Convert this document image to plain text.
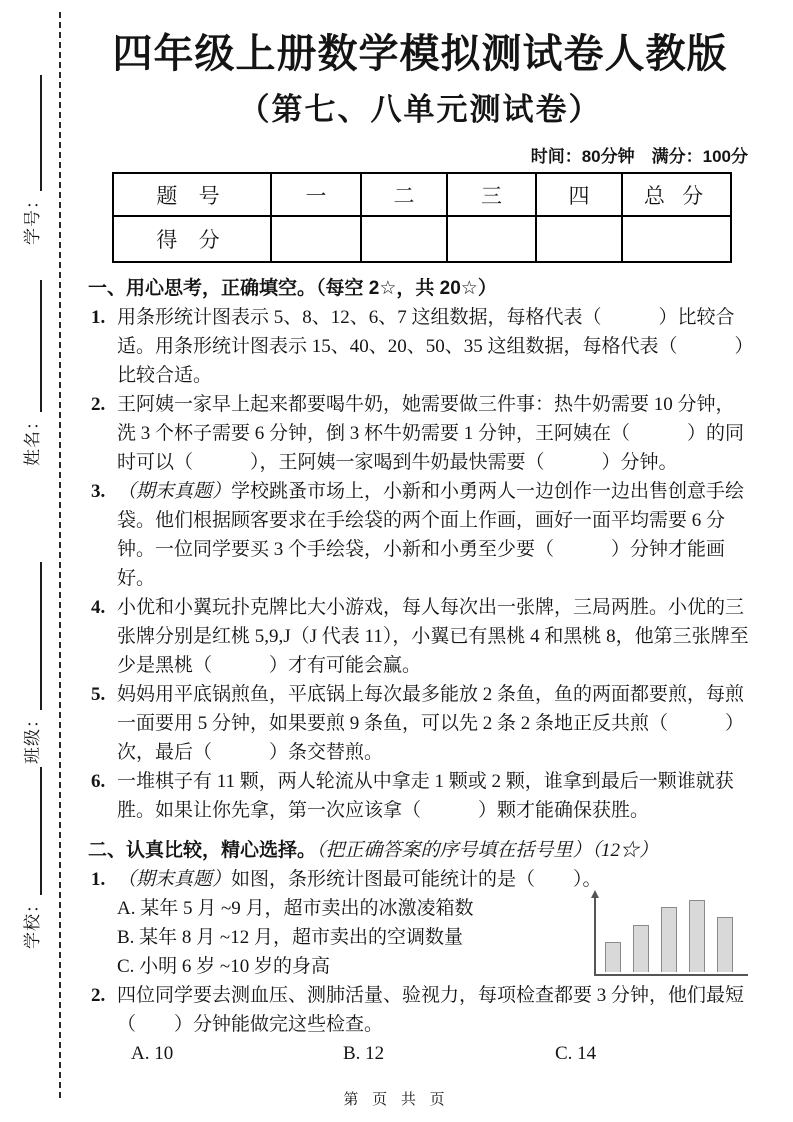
学号：
姓名：
班级：
学校：
四年级上册数学模拟测试卷人教版
（第七、八单元测试卷）
时间：80分钟　满分：100分
题 号	一	二	三	四	总 分
得 分					
一、用心思考，正确填空。（每空 2☆，共 20☆）
1. 用条形统计图表示 5、8、12、6、7 这组数据，每格代表（　　　）比较合适。用条形统计图表示 15、40、20、50、35 这组数据，每格代表（　　　）比较合适。
2. 王阿姨一家早上起来都要喝牛奶，她需要做三件事：热牛奶需要 10 分钟，洗 3 个杯子需要 6 分钟，倒 3 杯牛奶需要 1 分钟，王阿姨在（　　　）的同时可以（　　　），王阿姨一家喝到牛奶最快需要（　　　）分钟。
3. （期末真题）学校跳蚤市场上，小新和小勇两人一边创作一边出售创意手绘袋。他们根据顾客要求在手绘袋的两个面上作画，画好一面平均需要 6 分钟。一位同学要买 3 个手绘袋，小新和小勇至少要（　　　）分钟才能画好。
4. 小优和小翼玩扑克牌比大小游戏，每人每次出一张牌，三局两胜。小优的三张牌分别是红桃 5,9,J（J 代表 11），小翼已有黑桃 4 和黑桃 8，他第三张牌至少是黑桃（　　　）才有可能会赢。
5. 妈妈用平底锅煎鱼，平底锅上每次最多能放 2 条鱼，鱼的两面都要煎，每煎一面要用 5 分钟，如果要煎 9 条鱼，可以先 2 条 2 条地正反共煎（　　　）次，最后（　　　）条交替煎。
6. 一堆棋子有 11 颗，两人轮流从中拿走 1 颗或 2 颗，谁拿到最后一颗谁就获胜。如果让你先拿，第一次应该拿（　　　）颗才能确保获胜。
二、认真比较，精心选择。（把正确答案的序号填在括号里）（12☆）
1. （期末真题）如图，条形统计图最可能统计的是（　　）。
A. 某年 5 月 ~9 月，超市卖出的冰激凌箱数
B. 某年 8 月 ~12 月，超市卖出的空调数量
C. 小明 6 岁 ~10 岁的身高
2. 四位同学要去测血压、测肺活量、验视力，每项检查都要 3 分钟，他们最短（　　）分钟能做完这些检查。
A. 10	B. 12	C. 14
第 页 共 页
